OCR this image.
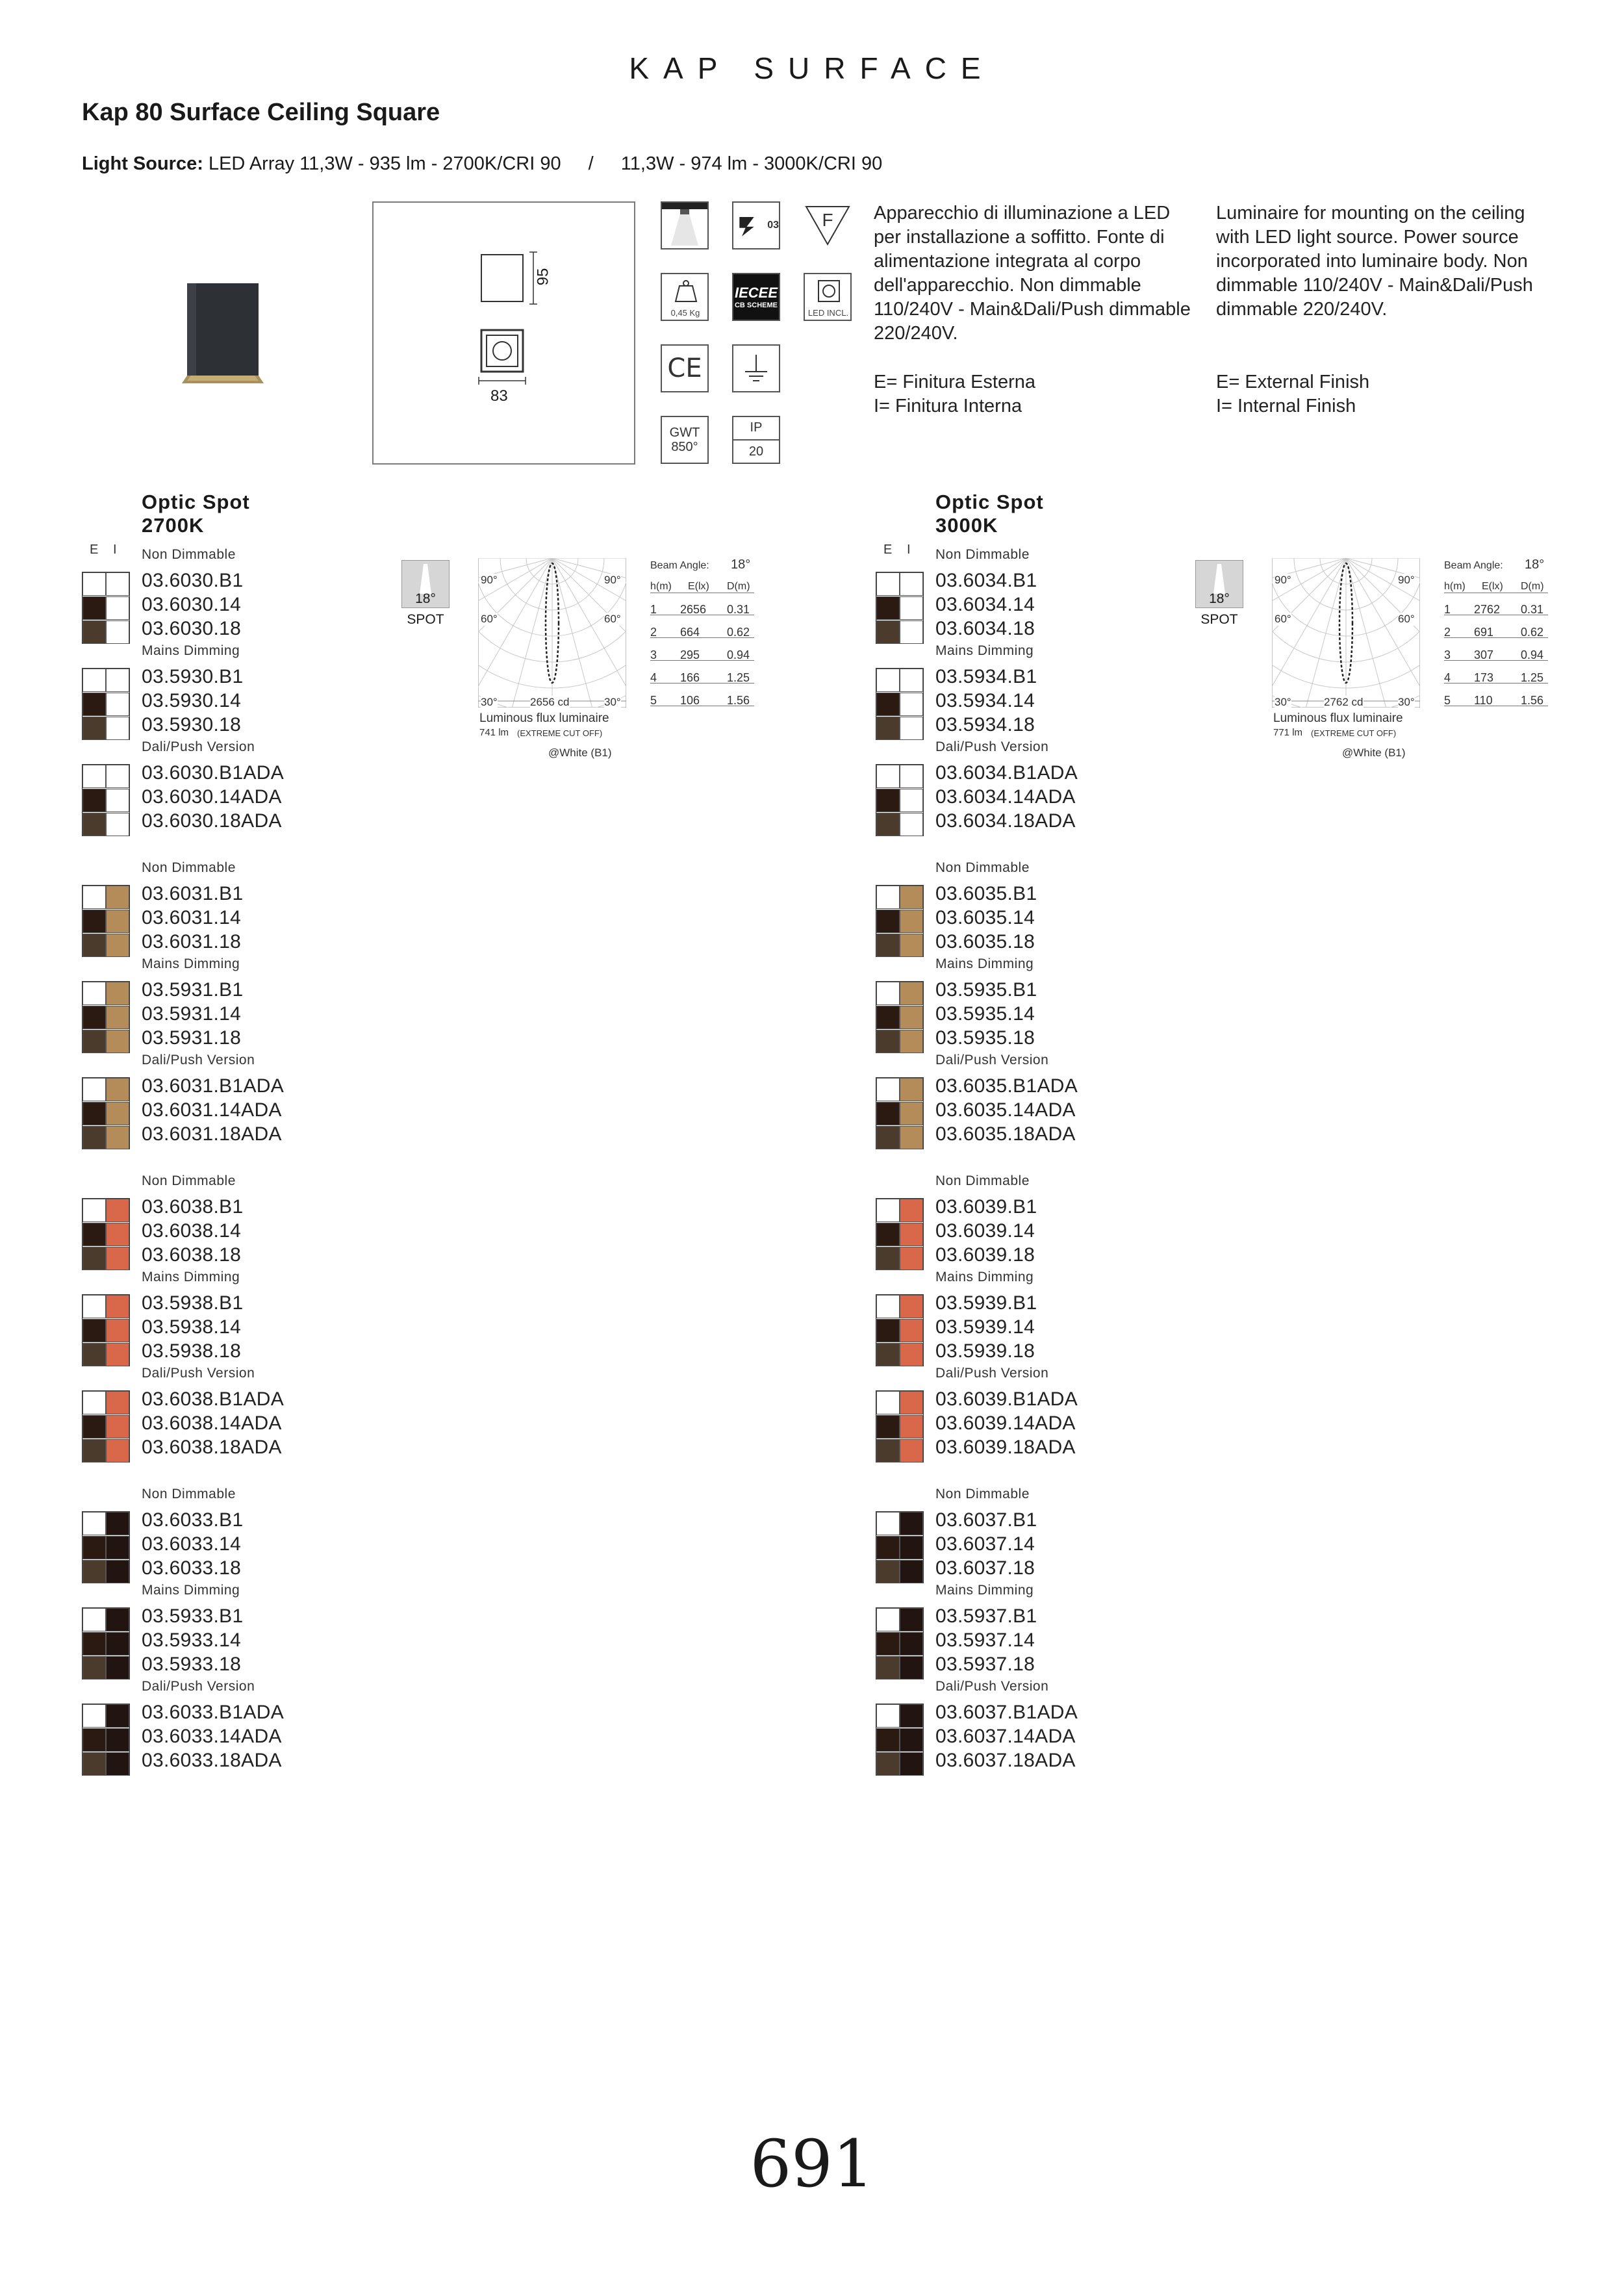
KAP SURFACE
Kap 80 Surface Ceiling Square
Light Source: LED Array 11,3W - 935 lm - 2700K/CRI 90 / 11,3W - 974 lm - 3000K/CRI 90
95
83
03 F
0,45 Kg
IECEE
CB SCHEME
LED INCL.
CE
GWT
850°
IP
20
Apparecchio di illuminazione a LED per installazione a soffitto. Fonte di alimentazione integrata al corpo dell'apparecchio. Non dimmable 110/240V - Main&Dali/Push dimmable 220/240V.
Luminaire for mounting on the ceiling with LED light source. Power source incorporated into luminaire body. Non dimmable 110/240V - Main&Dali/Push dimmable 220/240V.
E= Finitura Esterna
I= Finitura Interna
E= External Finish
I= Internal Finish
Optic Spot
2700K
E I Non Dimmable
03.6030.B1
03.6030.14
03.6030.18
Mains Dimming
03.5930.B1
03.5930.14
03.5930.18
Dali/Push Version
03.6030.B1ADA
03.6030.14ADA
03.6030.18ADA
Non Dimmable
03.6031.B1
03.6031.14
03.6031.18
Mains Dimming
03.5931.B1
03.5931.14
03.5931.18
Dali/Push Version
03.6031.B1ADA
03.6031.14ADA
03.6031.18ADA
Non Dimmable
03.6038.B1
03.6038.14
03.6038.18
Mains Dimming
03.5938.B1
03.5938.14
03.5938.18
Dali/Push Version
03.6038.B1ADA
03.6038.14ADA
03.6038.18ADA
Non Dimmable
03.6033.B1
03.6033.14
03.6033.18
Mains Dimming
03.5933.B1
03.5933.14
03.5933.18
Dali/Push Version
03.6033.B1ADA
03.6033.14ADA
03.6033.18ADA
18°
SPOT
90°	90°
60°	60°
30°	30°
2656 cd
Luminous flux luminaire
741 lm (EXTREME CUT OFF)
@White (B1)
Beam Angle: 18°
h(m) E(lx) D(m)
1 2656 0.31
2 664 0.62
3 295 0.94
4 166 1.25
5 106 1.56
Optic Spot
3000K
E I Non Dimmable
03.6034.B1
03.6034.14
03.6034.18
Mains Dimming
03.5934.B1
03.5934.14
03.5934.18
Dali/Push Version
03.6034.B1ADA
03.6034.14ADA
03.6034.18ADA
Non Dimmable
03.6035.B1
03.6035.14
03.6035.18
Mains Dimming
03.5935.B1
03.5935.14
03.5935.18
Dali/Push Version
03.6035.B1ADA
03.6035.14ADA
03.6035.18ADA
Non Dimmable
03.6039.B1
03.6039.14
03.6039.18
Mains Dimming
03.5939.B1
03.5939.14
03.5939.18
Dali/Push Version
03.6039.B1ADA
03.6039.14ADA
03.6039.18ADA
Non Dimmable
03.6037.B1
03.6037.14
03.6037.18
Mains Dimming
03.5937.B1
03.5937.14
03.5937.18
Dali/Push Version
03.6037.B1ADA
03.6037.14ADA
03.6037.18ADA
18°
SPOT
90°	90°
60°	60°
30°	30°
2762 cd
Luminous flux luminaire
771 lm (EXTREME CUT OFF)
@White (B1)
Beam Angle: 18°
h(m) E(lx) D(m)
1 2762 0.31
2 691 0.62
3 307 0.94
4 173 1.25
5 110 1.56
691
